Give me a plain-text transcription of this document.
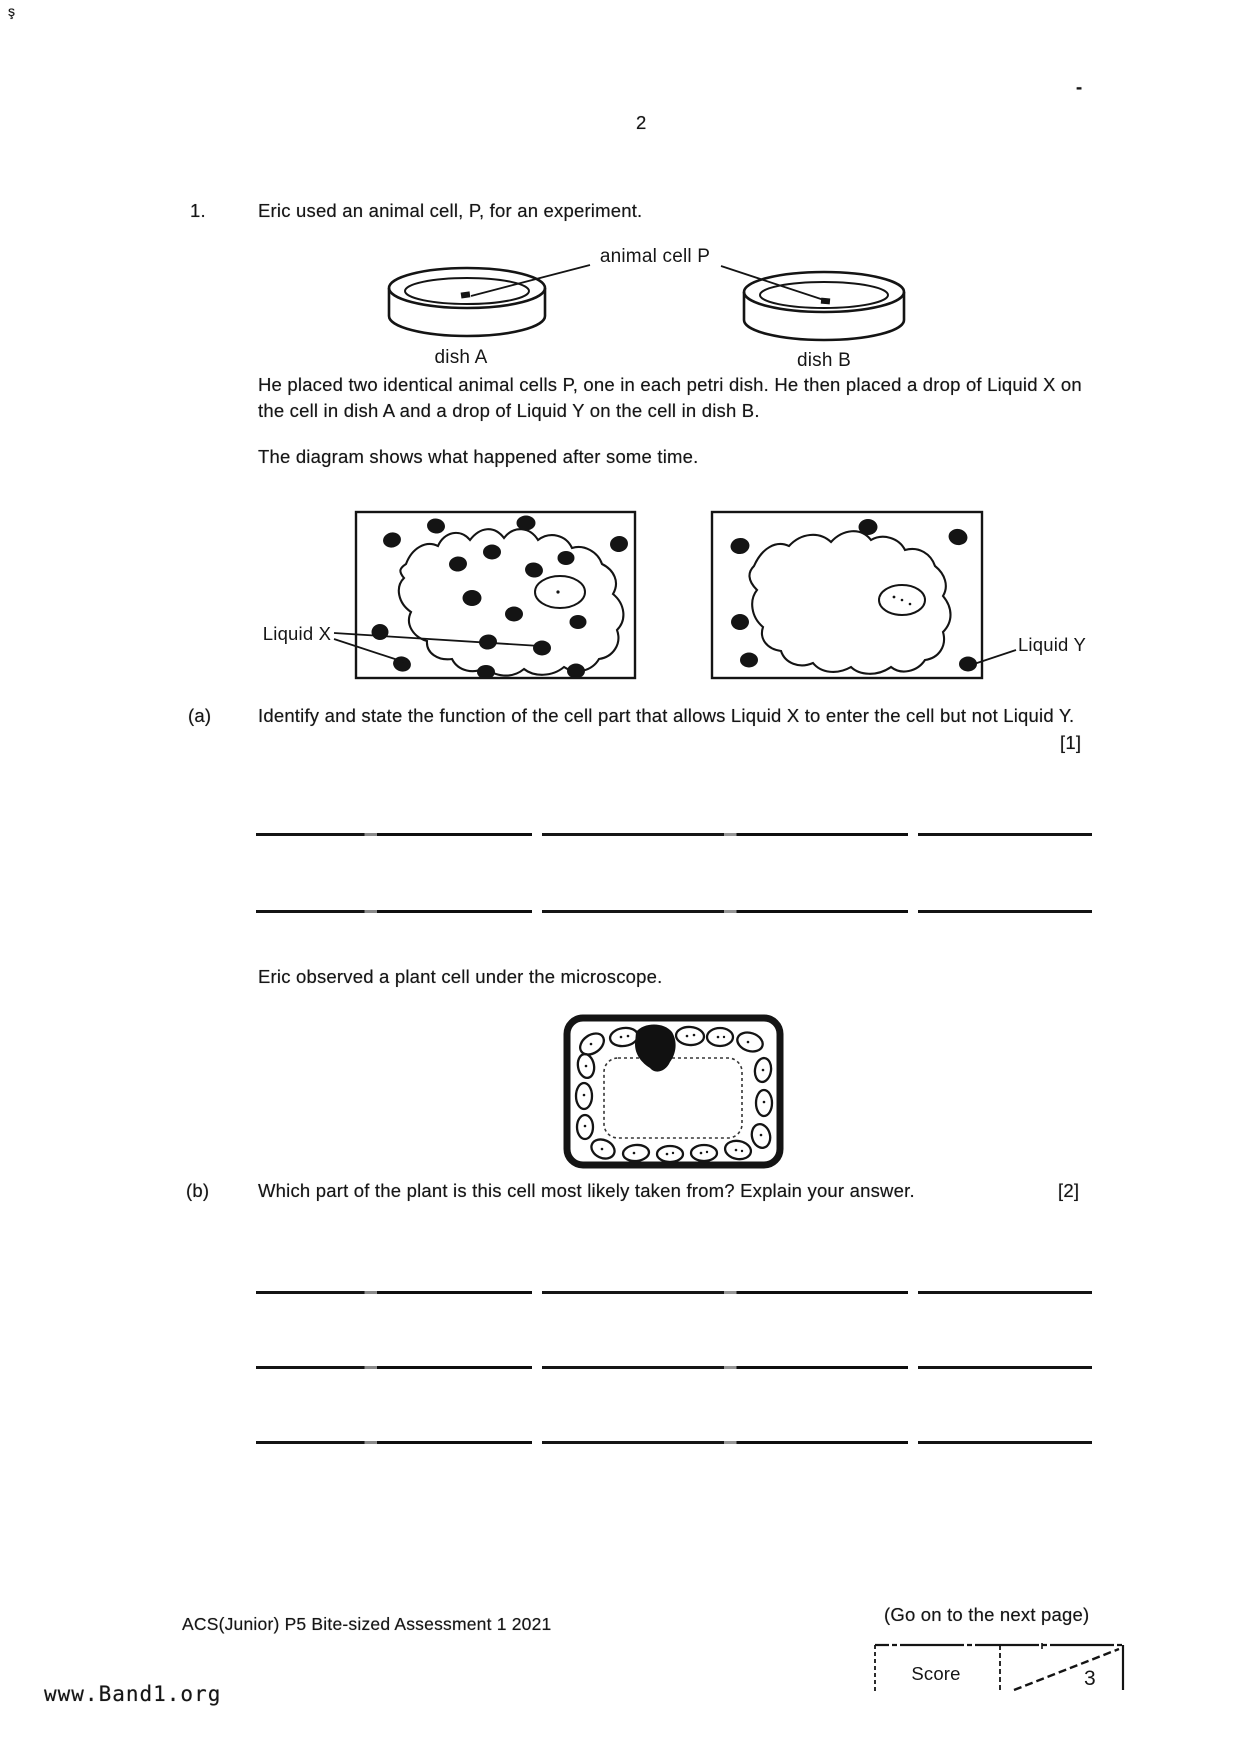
ş
-
2
1.	Eric used an animal cell, P, for an experiment.
animal cell P
dish A	dish B
He placed two identical animal cells P, one in each petri dish. He then placed a drop of Liquid X on the cell in dish A and a drop of Liquid Y on the cell in dish B.
The diagram shows what happened after some time.
Liquid X
Liquid Y
(a)	Identify and state the function of the cell part that allows Liquid X to enter the cell but not Liquid Y.
[1]
Eric observed a plant cell under the microscope.
(b)	Which part of the plant is this cell most likely taken from? Explain your answer.	[2]
ACS(Junior) P5 Bite-sized Assessment 1 2021	(Go on to the next page)
Score	3
www.Band1.org
